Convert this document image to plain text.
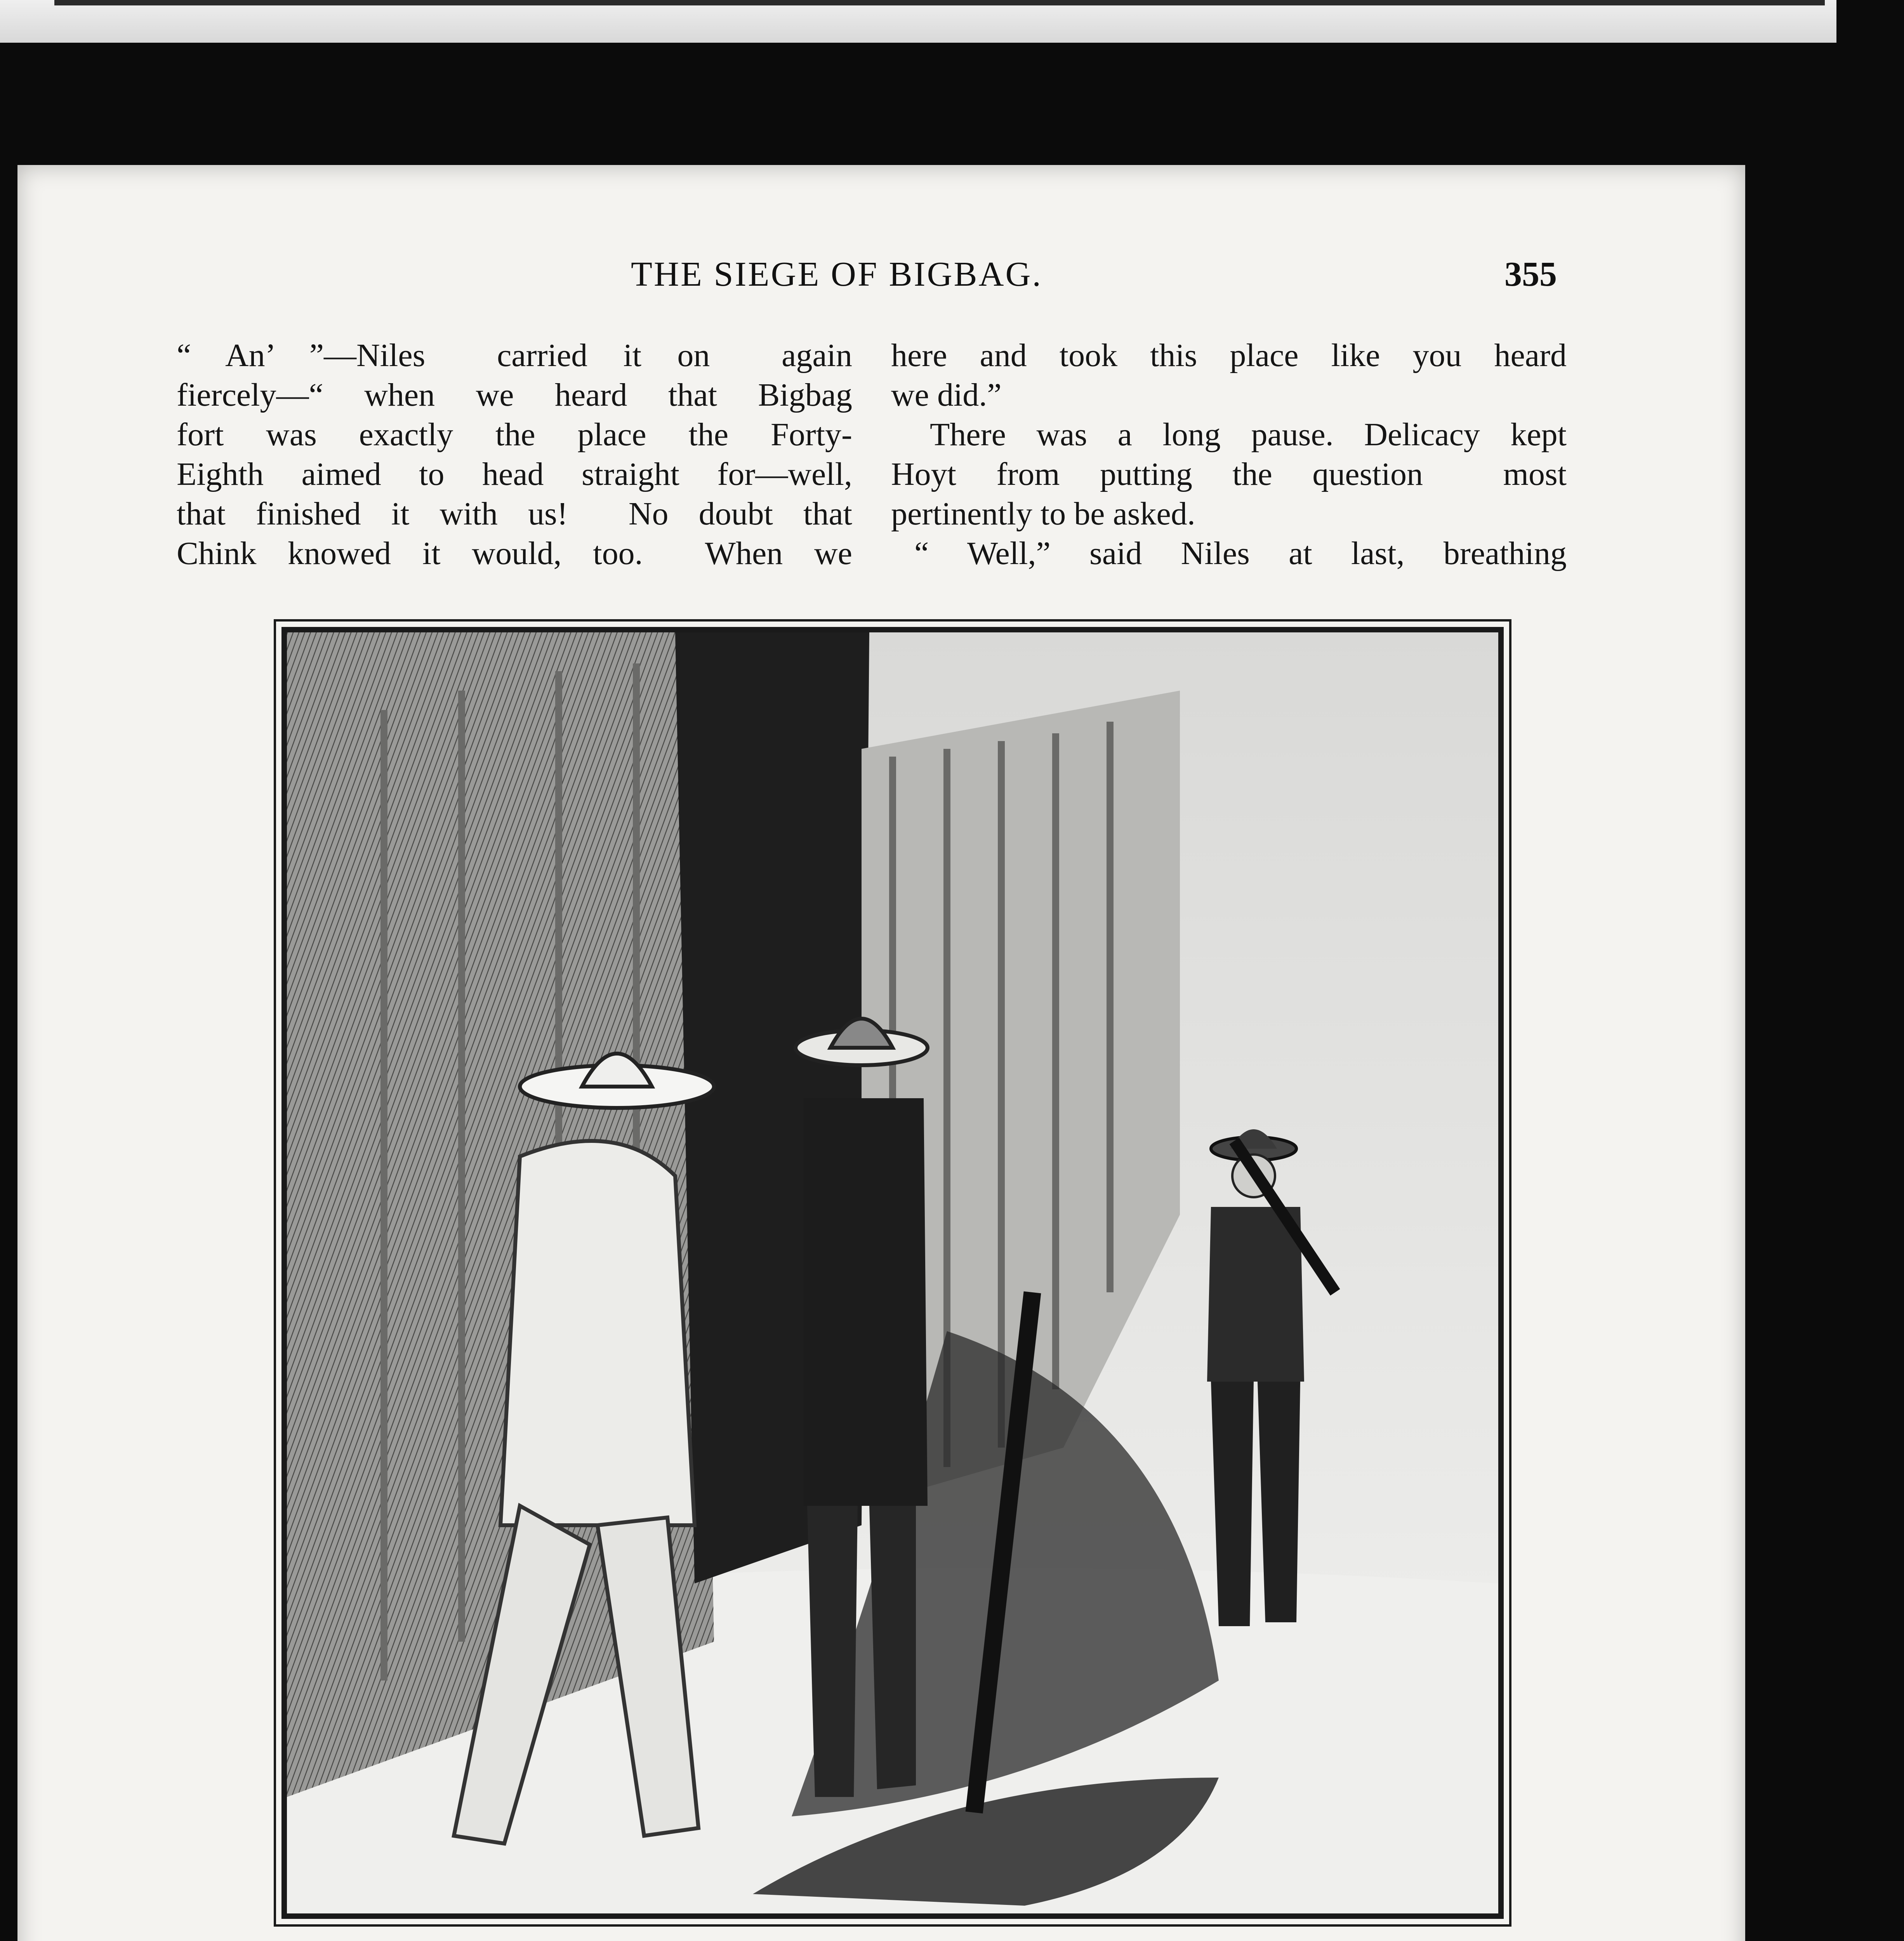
THE SIEGE OF BIGBAG.	355
“ An’ ”—Niles  carried it on  again
fiercely—“ when we heard that Bigbag
fort was exactly the place the Forty-
Eighth aimed to head straight for—well,
that finished it with us!  No doubt that
Chink knowed it would, too.  When we
here and took this place like you heard
we did.”
There was a long pause. Delicacy kept
Hoyt from putting the question  most
pertinently to be asked.
“ Well,” said Niles at last, breathing
